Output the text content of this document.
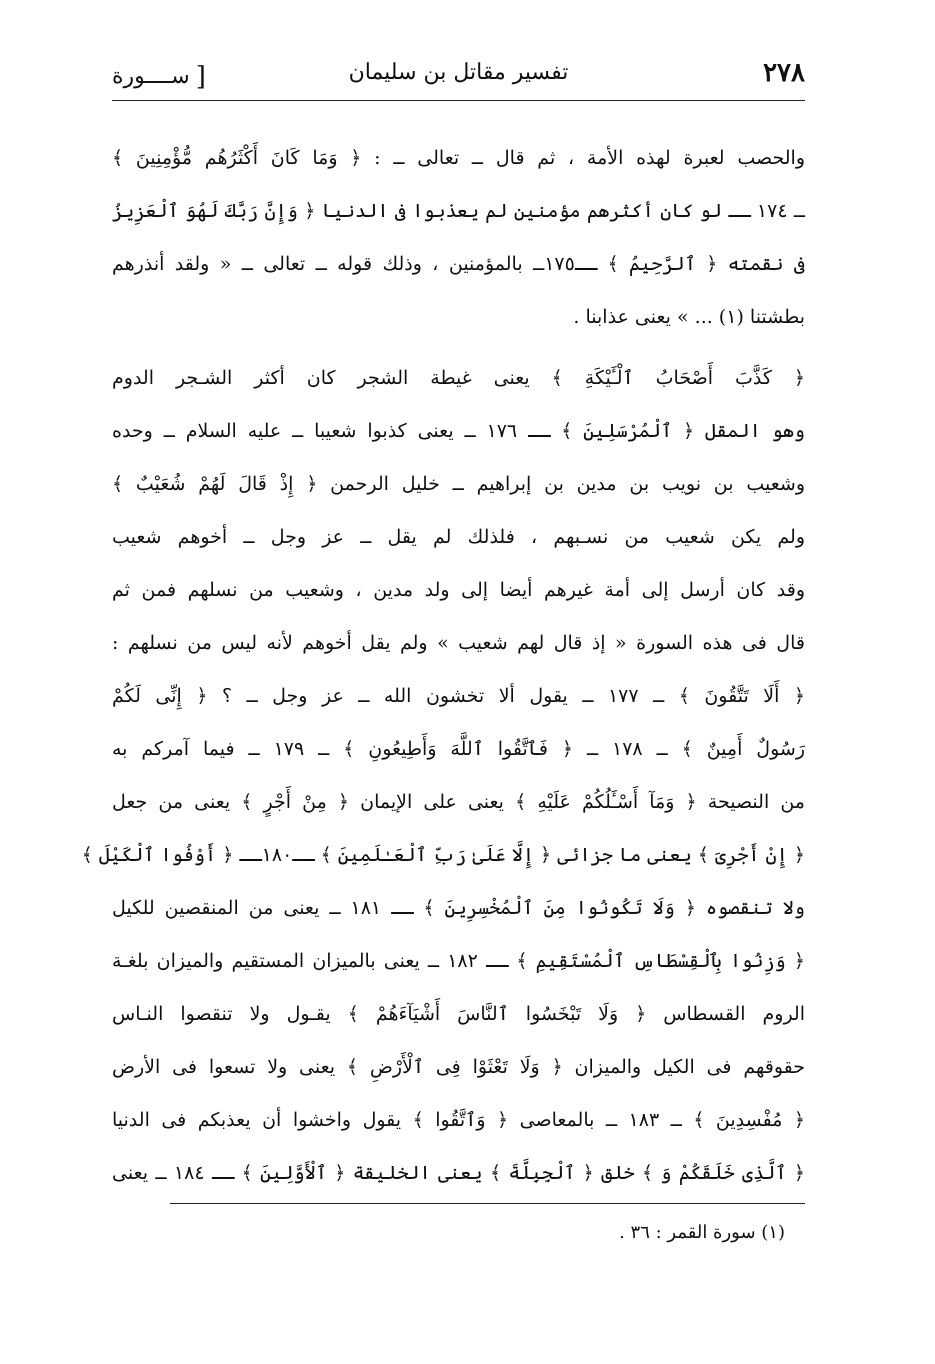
٢٧٨
تفسير مقاتل بن سليمان
[ســــورة
والحصب لعبرة لهذه الأمة ، ثم قال ــ تعالى ــ : ﴿ وَمَا كَانَ أَكْثَرُهُم مُّؤْمِنِينَ ﴾
ــ ١٧٤ ــ لو كان أكثرهم مؤمنين لم يعذبوا فى الدنيا ﴿ وَإِنَّ رَبَّكَ لَهُوَ ٱلْعَزِيزُ
فى نقمته ﴿ ٱلرَّحِيمُ ﴾ ــ١٧٥ــ بالمؤمنين ، وذلك قوله ــ تعالى ــ « ولقد أنذرهم
بطشتنا (١) ... » يعنى عذابنا .
﴿ كَذَّبَ أَصْحَابُ ٱلْـَٔيْكَةِ ﴾ يعنى غيطة الشجر كان أكثر الشـجر الدوم
وهو المقل ﴿ ٱلْمُرْسَلِينَ ﴾ ــ ١٧٦ ــ يعنى كذبوا شعيبا ــ عليه السلام ــ وحده
وشعيب بن نويب بن مدين بن إبراهيم ــ خليل الرحمن ﴿ إِذْ قَالَ لَهُمْ شُعَيْبٌ ﴾
ولم يكن شعيب من نسـبهم ، فلذلك لم يقل ــ عز وجل ــ أخوهم شعيب
وقد كان أرسل إلى أمة غيرهم أيضا إلى ولد مدين ، وشعيب من نسلهم فمن ثم
قال فى هذه السورة « إذ قال لهم شعيب » ولم يقل أخوهم لأنه ليس من نسلهم :
﴿ أَلَا تَتَّقُونَ ﴾ ــ ١٧٧ ــ يقول ألا تخشون الله ــ عز وجل ــ ؟ ﴿ إِنِّى لَكُمْ
رَسُولٌ أَمِينٌ ﴾ ــ ١٧٨ ــ ﴿ فَٱتَّقُوا ٱللَّهَ وَأَطِيعُونِ ﴾ ــ ١٧٩ ــ فيما آمركم به
من النصيحة ﴿ وَمَآ أَسْـَٔلُكُمْ عَلَيْهِ ﴾ يعنى على الإيمان ﴿ مِنْ أَجْرٍ ﴾ يعنى من جعل
﴿ إِنْ أَجْرِىَ ﴾ يعنى ما جزائى ﴿ إِلَّا عَلَىٰ رَبِّ ٱلْعَـٰلَمِينَ ﴾ ــ١٨٠ــ ﴿ أَوْفُوا ٱلْكَيْلَ ﴾
ولا تنقصوه ﴿ وَلَا تَكُونُوا مِنَ ٱلْمُخْسِرِينَ ﴾ ــ ١٨١ ــ يعنى من المنقصين للكيل
﴿ وَزِنُوا بِٱلْقِسْطَاسِ ٱلْمُسْتَقِيمِ ﴾ ــ ١٨٢ ــ يعنى بالميزان المستقيم والميزان بلغـة
الروم القسطاس ﴿ وَلَا تَبْخَسُوا ٱلنَّاسَ أَشْيَآءَهُمْ ﴾ يقـول ولا تنقصوا النـاس
حقوقهم فى الكيل والميزان ﴿ وَلَا تَعْثَوْا فِى ٱلْأَرْضِ ﴾ يعنى ولا تسعوا فى الأرض
﴿ مُفْسِدِينَ ﴾ ــ ١٨٣ ــ بالمعاصى ﴿ وَٱتَّقُوا ﴾ يقول واخشوا أن يعذبكم فى الدنيا
﴿ ٱلَّذِى خَلَقَكُمْ وَ ﴾ خلق ﴿ ٱلْجِبِلَّةَ ﴾ يعنى الخليقة ﴿ ٱلْأَوَّلِينَ ﴾ ــ ١٨٤ ــ يعنى
(١) سورة القمر : ٣٦ .
